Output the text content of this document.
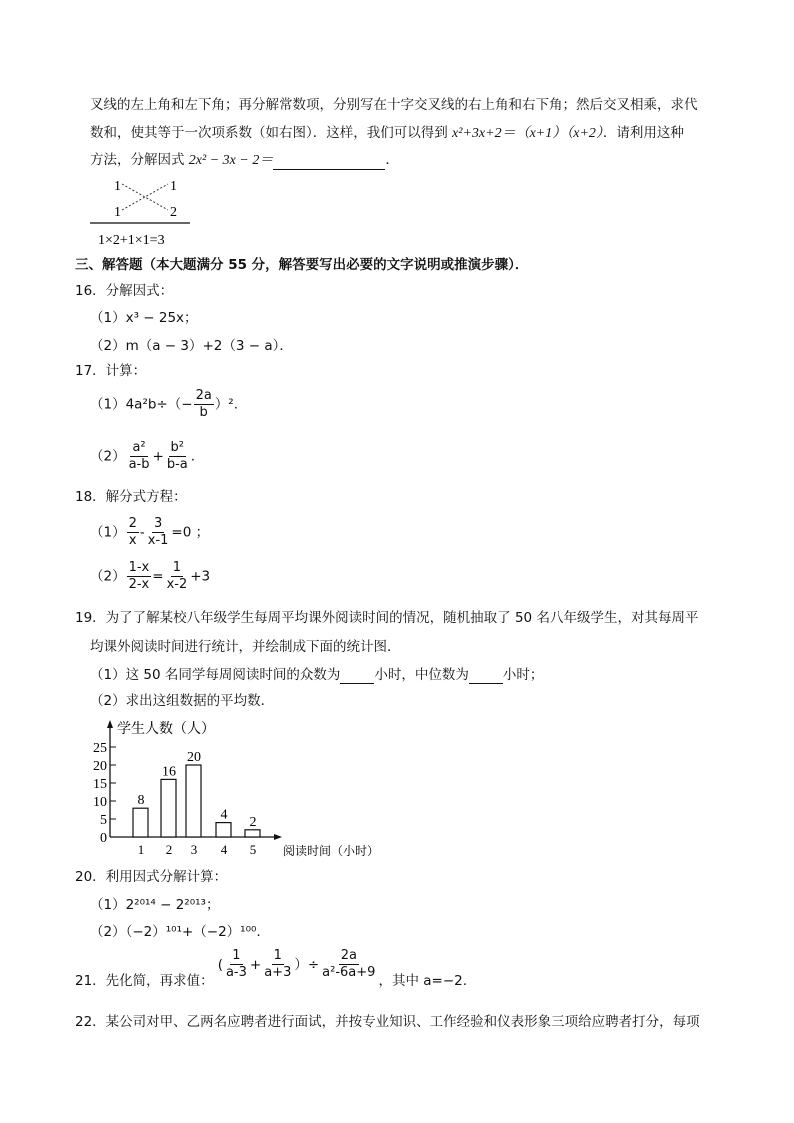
叉线的左上角和左下角；再分解常数项，分别写在十字交叉线的右上角和右下角；然后交叉相乘，求代
数和，使其等于一次项系数（如右图）．这样，我们可以得到 x²+3x+2＝（x+1）（x+2）．请利用这种
方法，分解因式 2x² − 3x − 2＝	．
1	1
1	2
1×2+1×1=3
三、解答题（本大题满分 55 分，解答要写出必要的文字说明或推演步骤）．
16．分解因式：
（1）x³ − 25x；
（2）m（a − 3）+2（3 − a）．
17．计算：
$(1)4a^2b\div(- \frac{2a}{b} )^2$.
$(2) \frac{\text{a²}}{a-b} + \frac{\text{b²}}{b-a}$ .
18．解分式方程：
$(1) \frac{2}{x} - \frac{3}{x-1} =0$ ；
$(2) \frac{1-x}{2-x} = \frac{1}{x-2} +3$
19．为了了解某校八年级学生每周平均课外阅读时间的情况，随机抽取了 50 名八年级学生，对其每周平
均课外阅读时间进行统计，并绘制成下面的统计图．
（1）这 50 名同学每周阅读时间的众数为	小时，中位数为	小时；
（2）求出这组数据的平均数．
学生人数（人）
阅读时间（小时）
0
5
10
15
20
25
8
1
16
2
20
3
4
4
2
5
20．利用因式分解计算：
（1）2²⁰¹⁴ − 2²⁰¹³；
（2）（−2）¹⁰¹+（−2）¹⁰⁰.
21．先化简，再求值：
( $\frac{1}{a-3} + \frac{1}{a+3}$ ）÷ $\frac{2a}{\text{a²-6a+9}}$ ，其中 a=−2.
22．某公司对甲、乙两名应聘者进行面试，并按专业知识、工作经验和仪表形象三项给应聘者打分，每项
